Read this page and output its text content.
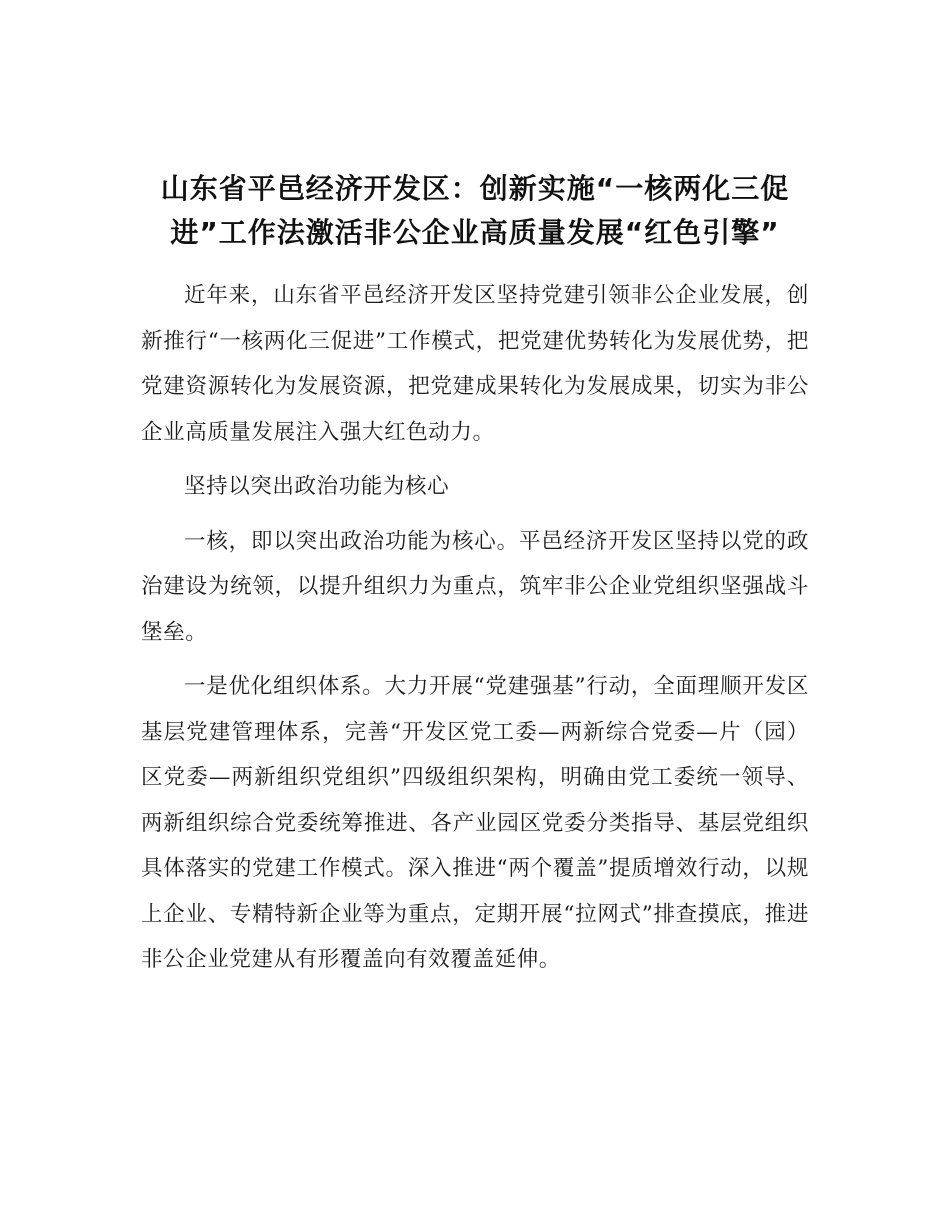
山东省平邑经济开发区：创新实施“一核两化三促进”工作法激活非公企业高质量发展“红色引擎”

近年来，山东省平邑经济开发区坚持党建引领非公企业发展，创新推行“一核两化三促进”工作模式，把党建优势转化为发展优势，把党建资源转化为发展资源，把党建成果转化为发展成果，切实为非公企业高质量发展注入强大红色动力。

坚持以突出政治功能为核心

一核，即以突出政治功能为核心。平邑经济开发区坚持以党的政治建设为统领，以提升组织力为重点，筑牢非公企业党组织坚强战斗堡垒。

一是优化组织体系。大力开展“党建强基”行动，全面理顺开发区基层党建管理体系，完善“开发区党工委—两新综合党委—片（园）区党委—两新组织党组织”四级组织架构，明确由党工委统一领导、两新组织综合党委统筹推进、各产业园区党委分类指导、基层党组织具体落实的党建工作模式。深入推进“两个覆盖”提质增效行动，以规上企业、专精特新企业等为重点，定期开展“拉网式”排查摸底，推进非公企业党建从有形覆盖向有效覆盖延伸。
